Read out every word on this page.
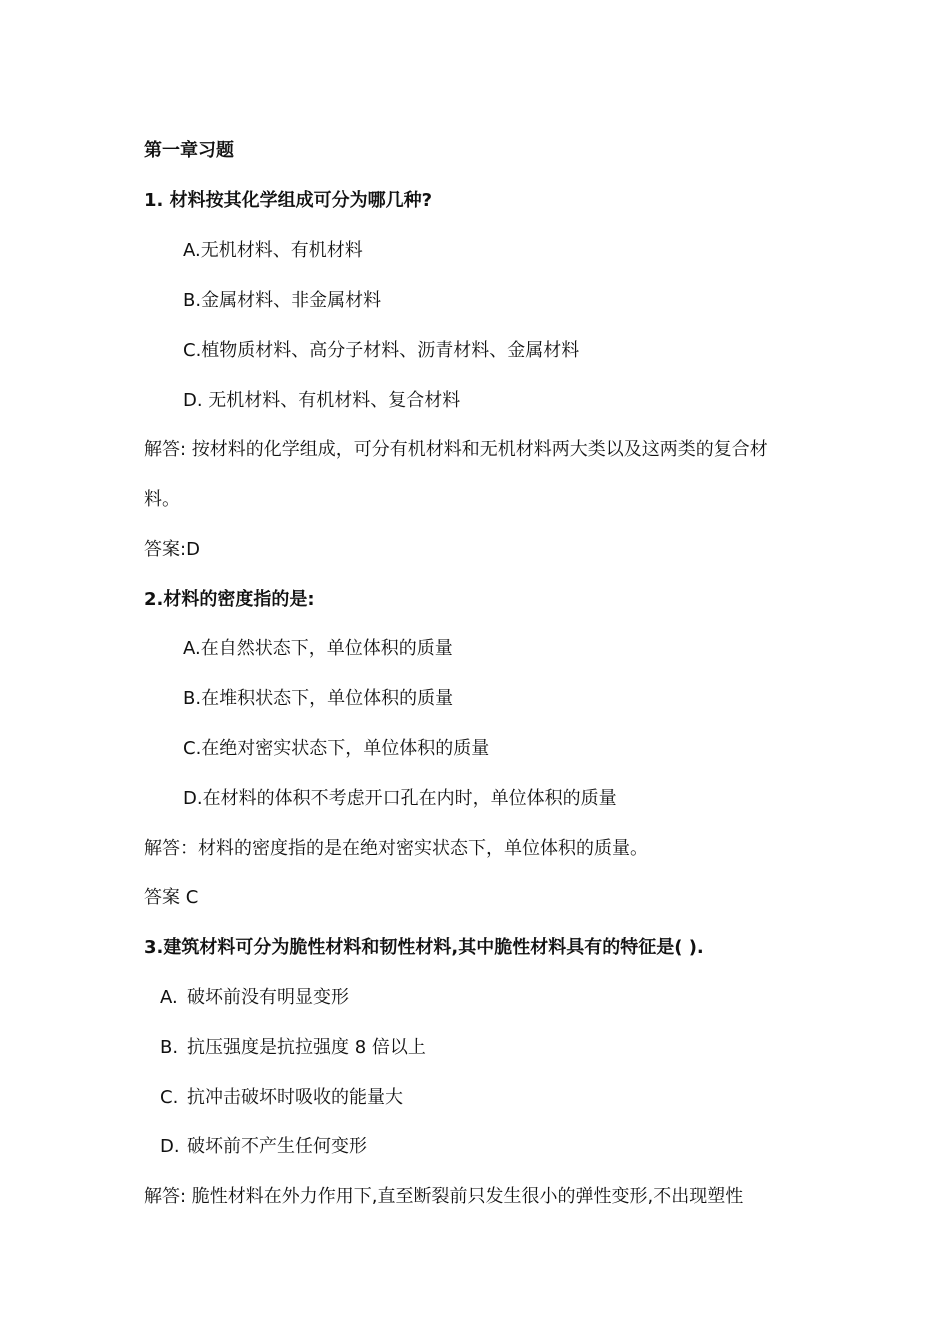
第一章习题
1. 材料按其化学组成可分为哪几种?
A.无机材料、有机材料
B.金属材料、非金属材料
C.植物质材料、高分子材料、沥青材料、金属材料
D. 无机材料、有机材料、复合材料
解答: 按材料的化学组成，可分有机材料和无机材料两大类以及这两类的复合材
料。
答案:D
2.材料的密度指的是:
A.在自然状态下，单位体积的质量
B.在堆积状态下，单位体积的质量
C.在绝对密实状态下，单位体积的质量
D.在材料的体积不考虑开口孔在内时，单位体积的质量
解答：材料的密度指的是在绝对密实状态下，单位体积的质量。
答案 C
3.建筑材料可分为脆性材料和韧性材料,其中脆性材料具有的特征是( ).
A. 破坏前没有明显变形
B. 抗压强度是抗拉强度 8 倍以上
C. 抗冲击破坏时吸收的能量大
D. 破坏前不产生任何变形
解答: 脆性材料在外力作用下,直至断裂前只发生很小的弹性变形,不出现塑性
